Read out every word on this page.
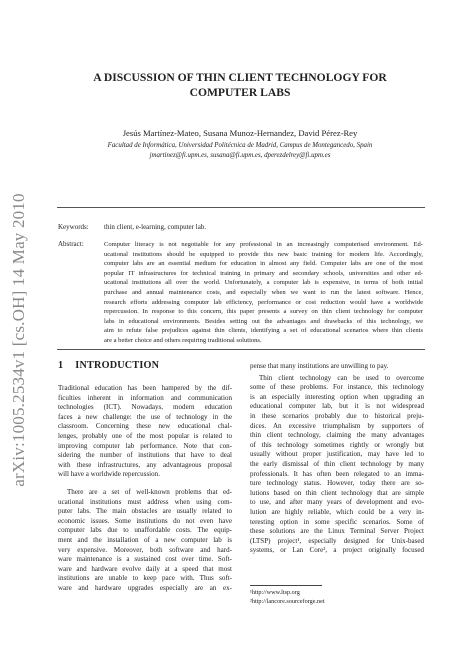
arXiv:1005.2534v1 [cs.OH] 14 May 2010
A DISCUSSION OF THIN CLIENT TECHNOLOGY FOR
COMPUTER LABS
Jesús Martínez-Mateo, Susana Munoz-Hernandez, David Pérez-Rey
Facultad de Informática, Universidad Politécnica de Madrid, Campus de Montegancedo, Spain
jmartinez@fi.upm.es, susana@fi.upm.es, dperezdelrey@fi.upm.es
Keywords: thin client, e-learning, computer lab.
Abstract:	Computer literacy is not negotiable for any professional in an increasingly computerised environment. Ed-
ucational institutions should be equipped to provide this new basic training for modern life. Accordingly,
computer labs are an essential medium for education in almost any field. Computer labs are one of the most
popular IT infrastructures for technical training in primary and secondary schools, universities and other ed-
ucational institutions all over the world. Unfortunately, a computer lab is expensive, in terms of both initial
purchase and annual maintenance costs, and especially when we want to run the latest software. Hence,
research efforts addressing computer lab efficiency, performance or cost reduction would have a worldwide
repercussion. In response to this concern, this paper presents a survey on thin client technology for computer
labs in educational environments. Besides setting out the advantages and drawbacks of this technology, we
aim to refute false prejudices against thin clients, identifying a set of educational scenarios where thin clients
are a better choice and others requiring traditional solutions.
1 INTRODUCTION
Traditional education has been hampered by the dif-
ficulties inherent in information and communication
technologies (ICT). Nowadays, modern education
faces a new challenge: the use of technology in the
classroom. Concerning these new educational chal-
lenges, probably one of the most popular is related to
improving computer lab performance. Note that con-
sidering the number of institutions that have to deal
with these infrastructures, any advantageous proposal
will have a worldwide repercussion.
There are a set of well-known problems that ed-
ucational institutions must address when using com-
puter labs. The main obstacles are usually related to
economic issues. Some institutions do not even have
computer labs due to unaffordable costs. The equip-
ment and the installation of a new computer lab is
very expensive. Moreover, both software and hard-
ware maintenance is a sustained cost over time. Soft-
ware and hardware evolve daily at a speed that most
institutions are unable to keep pace with. Thus soft-
ware and hardware upgrades especially are an ex-
pense that many institutions are unwilling to pay.
Thin client technology can be used to overcome
some of these problems. For instance, this technology
is an especially interesting option when upgrading an
educational computer lab, but it is not widespread
in these scenarios probably due to historical preju-
dices. An excessive triumphalism by supporters of
thin client technology, claiming the many advantages
of this technology sometimes rightly or wrongly but
usually without proper justification, may have led to
the early dismissal of thin client technology by many
professionals. It has often been relegated to an imma-
ture technology status. However, today there are so-
lutions based on thin client technology that are simple
to use, and after many years of development and evo-
lution are highly reliable, which could be a very in-
teresting option in some specific scenarios. Some of
these solutions are the Linux Terminal Server Project
(LTSP) project¹, especially designed for Unix-based
systems, or Lan Core², a project originally focused
¹http://www.ltsp.org
²http://lancore.sourceforge.net
